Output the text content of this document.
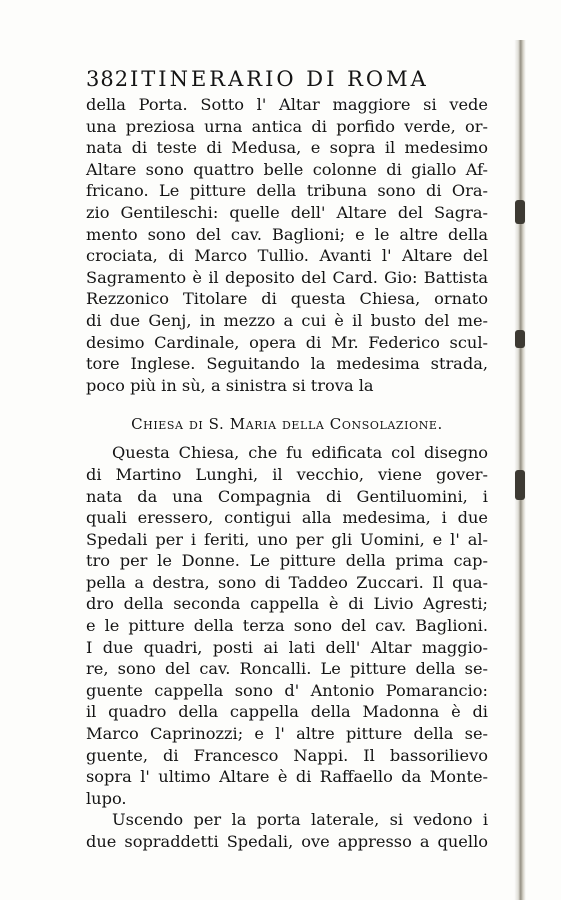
382 ITINERARIO DI ROMA
della Porta. Sotto l' Altar maggiore si vede
una preziosa urna antica di porfido verde, or-
nata di teste di Medusa, e sopra il medesimo
Altare sono quattro belle colonne di giallo Af-
fricano. Le pitture della tribuna sono di Ora-
zio Gentileschi: quelle dell' Altare del Sagra-
mento sono del cav. Baglioni; e le altre della
crociata, di Marco Tullio. Avanti l' Altare del
Sagramento è il deposito del Card. Gio: Battista
Rezzonico Titolare di questa Chiesa, ornato
di due Genj, in mezzo a cui è il busto del me-
desimo Cardinale, opera di Mr. Federico scul-
tore Inglese. Seguitando la medesima strada,
poco più in sù, a sinistra si trova la
Chiesa di S. Maria della Consolazione.
Questa Chiesa, che fu edificata col disegno
di Martino Lunghi, il vecchio, viene gover-
nata da una Compagnia di Gentiluomini, i
quali eressero, contigui alla medesima, i due
Spedali per i feriti, uno per gli Uomini, e l' al-
tro per le Donne. Le pitture della prima cap-
pella a destra, sono di Taddeo Zuccari. Il qua-
dro della seconda cappella è di Livio Agresti;
e le pitture della terza sono del cav. Baglioni.
I due quadri, posti ai lati dell' Altar maggio-
re, sono del cav. Roncalli. Le pitture della se-
guente cappella sono d' Antonio Pomarancio:
il quadro della cappella della Madonna è di
Marco Caprinozzi; e l' altre pitture della se-
guente, di Francesco Nappi. Il bassorilievo
sopra l' ultimo Altare è di Raffaello da Monte-
lupo.
Uscendo per la porta laterale, si vedono i
due sopraddetti Spedali, ove appresso a quello
